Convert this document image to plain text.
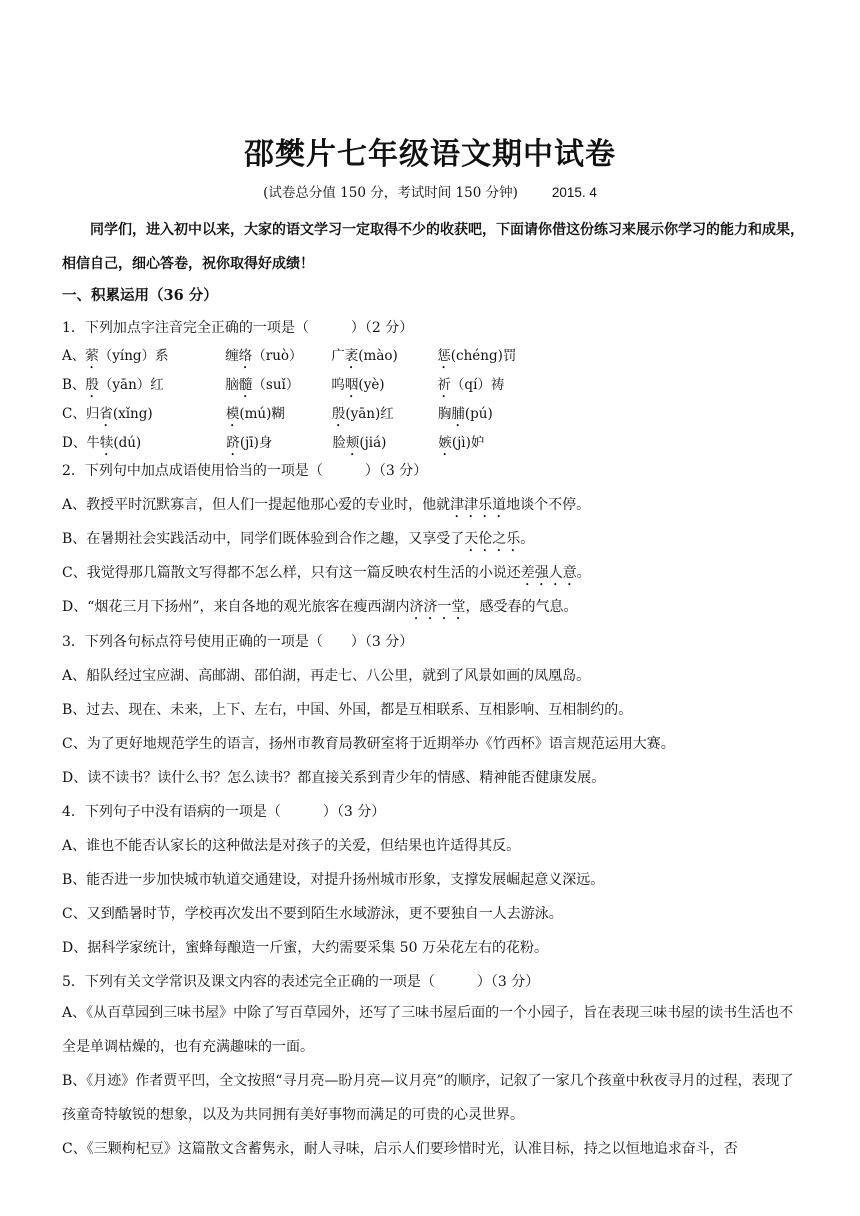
邵樊片七年级语文期中试卷
(试卷总分值 150 分，考试时间 150 分钟)	2015. 4

同学们，进入初中以来，大家的语文学习一定取得不少的收获吧，下面请你借这份练习来展示你学习的能力和成果，相信自己，细心答卷，祝你取得好成绩！

一、积累运用（36 分）
1．下列加点字注音完全正确的一项是（　　　）（2 分）
A、萦（yíng）系	缠络（ruò） 广袤(mào)	惩(chéng)罚
B、殷（yān）红	脑髓（suǐ） 呜咽(yè)	祈（qí）祷
C、归省(xǐng)	模(mú)糊	殷(yān)红	胸脯(pú)
D、牛犊(dú)	跻(jī)身	脸颊(jiá)	嫉(jì)妒
2．下列句中加点成语使用恰当的一项是（　　　）（3 分）
A、教授平时沉默寡言，但人们一提起他那心爱的专业时，他就津津乐道地谈个不停。
B、在暑期社会实践活动中，同学们既体验到合作之趣，又享受了天伦之乐。
C、我觉得那几篇散文写得都不怎么样，只有这一篇反映农村生活的小说还差强人意。
D、“烟花三月下扬州”，来自各地的观光旅客在瘦西湖内济济一堂，感受春的气息。
3．下列各句标点符号使用正确的一项是（　　）（3 分）
A、船队经过宝应湖、高邮湖、邵伯湖，再走七、八公里，就到了风景如画的凤凰岛。
B、过去、现在、未来，上下、左右，中国、外国，都是互相联系、互相影响、互相制约的。
C、为了更好地规范学生的语言，扬州市教育局教研室将于近期举办《竹西杯》语言规范运用大赛。
D、读不读书？读什么书？怎么读书？都直接关系到青少年的情感、精神能否健康发展。
4．下列句子中没有语病的一项是（　　　）（3 分）
A、谁也不能否认家长的这种做法是对孩子的关爱，但结果也许适得其反。
B、能否进一步加快城市轨道交通建设，对提升扬州城市形象，支撑发展崛起意义深远。
C、又到酷暑时节，学校再次发出不要到陌生水域游泳，更不要独自一人去游泳。
D、据科学家统计，蜜蜂每酿造一斤蜜，大约需要采集 50 万朵花左右的花粉。
5．下列有关文学常识及课文内容的表述完全正确的一项是（　　　）（3 分）

A、《从百草园到三味书屋》中除了写百草园外，还写了三味书屋后面的一个小园子，旨在表现三味书屋的读书生活也不全是单调枯燥的，也有充满趣味的一面。

B、《月迹》作者贾平凹，全文按照“寻月亮—盼月亮—议月亮”的顺序，记叙了一家几个孩童中秋夜寻月的过程，表现了孩童奇特敏锐的想象，以及为共同拥有美好事物而满足的可贵的心灵世界。

C、《三颗枸杞豆》这篇散文含蓄隽永，耐人寻味，启示人们要珍惜时光，认准目标，持之以恒地追求奋斗，否
